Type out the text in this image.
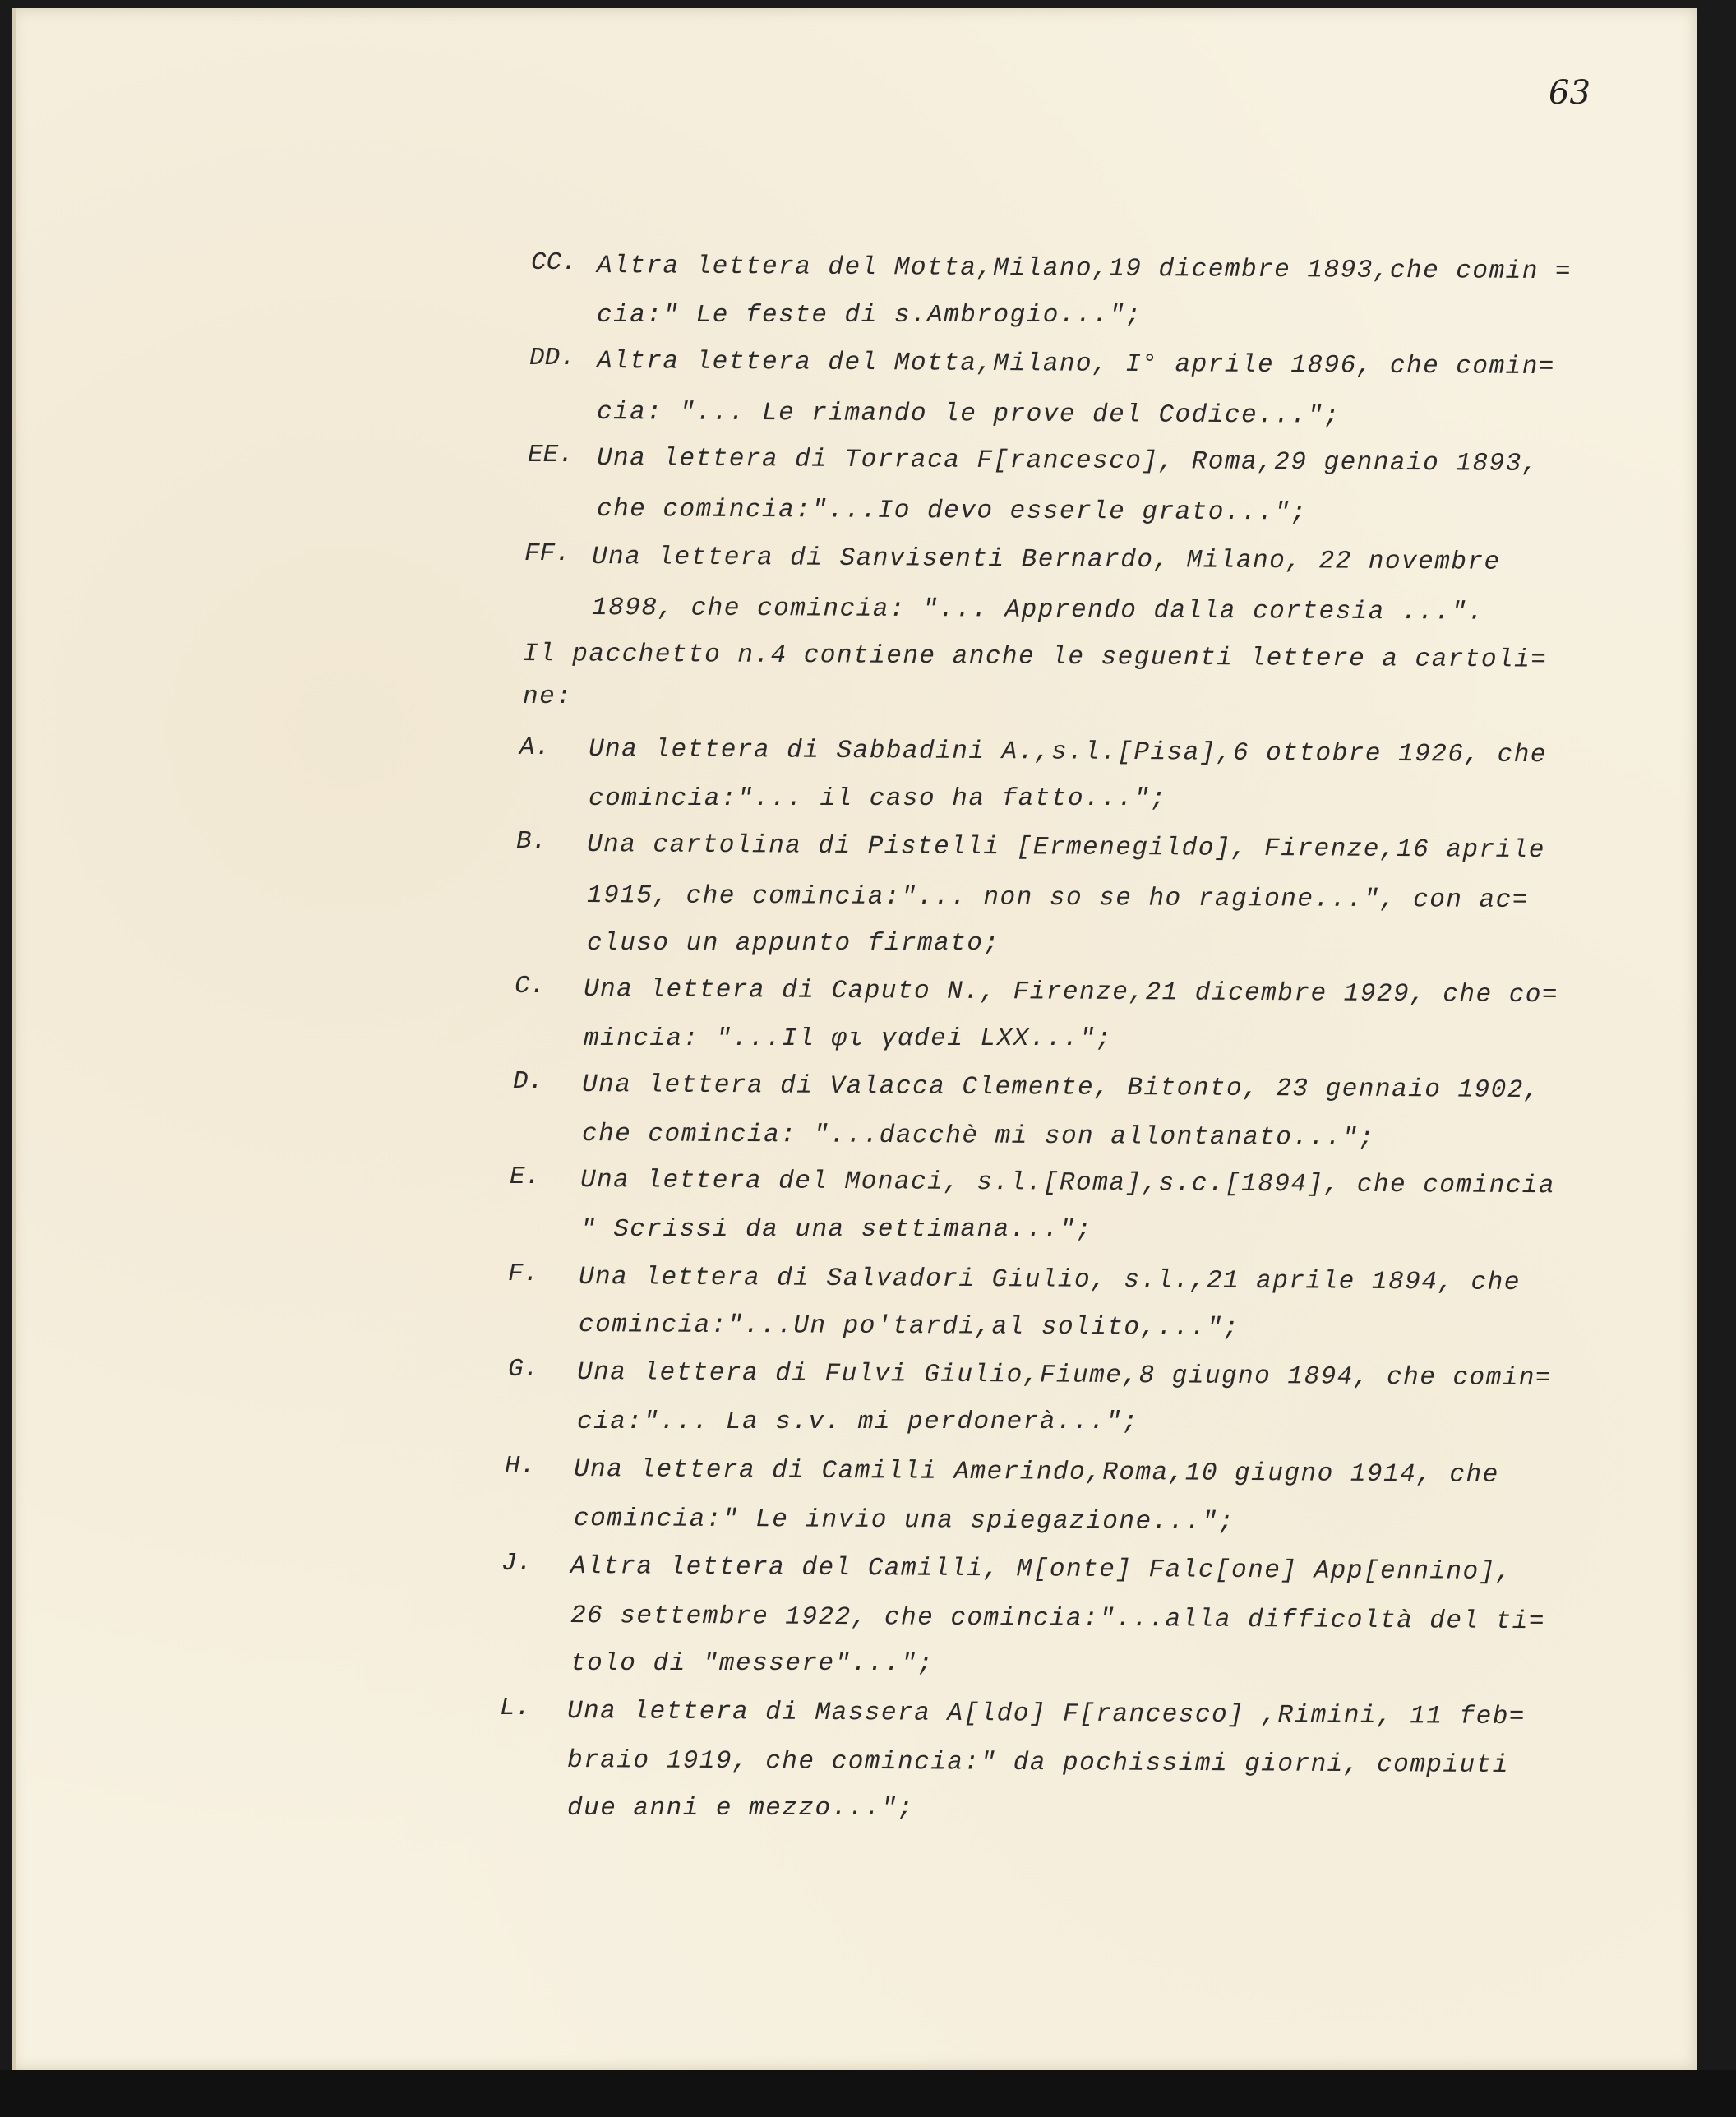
63
CC. Altra lettera del Motta,Milano,19 dicembre 1893,che comin =
cia:" Le feste di s.Ambrogio...";
DD. Altra lettera del Motta,Milano, I° aprile 1896, che comin=
cia: "... Le rimando le prove del Codice...";
EE. Una lettera di Torraca F[rancesco], Roma,29 gennaio 1893,
che comincia:"...Io devo esserle grato...";
FF. Una lettera di Sanvisenti Bernardo, Milano, 22 novembre
1898, che comincia: "... Apprendo dalla cortesia ...".
Il pacchetto n.4 contiene anche le seguenti lettere a cartoli=
ne:
A. Una lettera di Sabbadini A.,s.l.[Pisa],6 ottobre 1926, che
comincia:"... il caso ha fatto...";
B. Una cartolina di Pistelli [Ermenegildo], Firenze,16 aprile
1915, che comincia:"... non so se ho ragione...", con ac=
cluso un appunto firmato;
C. Una lettera di Caputo N., Firenze,21 dicembre 1929, che co=
mincia: "...Il φι γαdei LXX...";
D. Una lettera di Valacca Clemente, Bitonto, 23 gennaio 1902,
che comincia: "...dacchè mi son allontanato...";
E. Una lettera del Monaci, s.l.[Roma],s.c.[1894], che comincia
" Scrissi da una settimana...";
F. Una lettera di Salvadori Giulio, s.l.,21 aprile 1894, che
comincia:"...Un po'tardi,al solito,...";
G. Una lettera di Fulvi Giulio,Fiume,8 giugno 1894, che comin=
cia:"... La s.v. mi perdonerà...";
H. Una lettera di Camilli Amerindo,Roma,10 giugno 1914, che
comincia:" Le invio una spiegazione...";
J. Altra lettera del Camilli, M[onte] Falc[one] App[ennino],
26 settembre 1922, che comincia:"...alla difficoltà del ti=
tolo di "messere"...";
L. Una lettera di Massera A[ldo] F[rancesco] ,Rimini, 11 feb=
braio 1919, che comincia:" da pochissimi giorni, compiuti
due anni e mezzo...";
